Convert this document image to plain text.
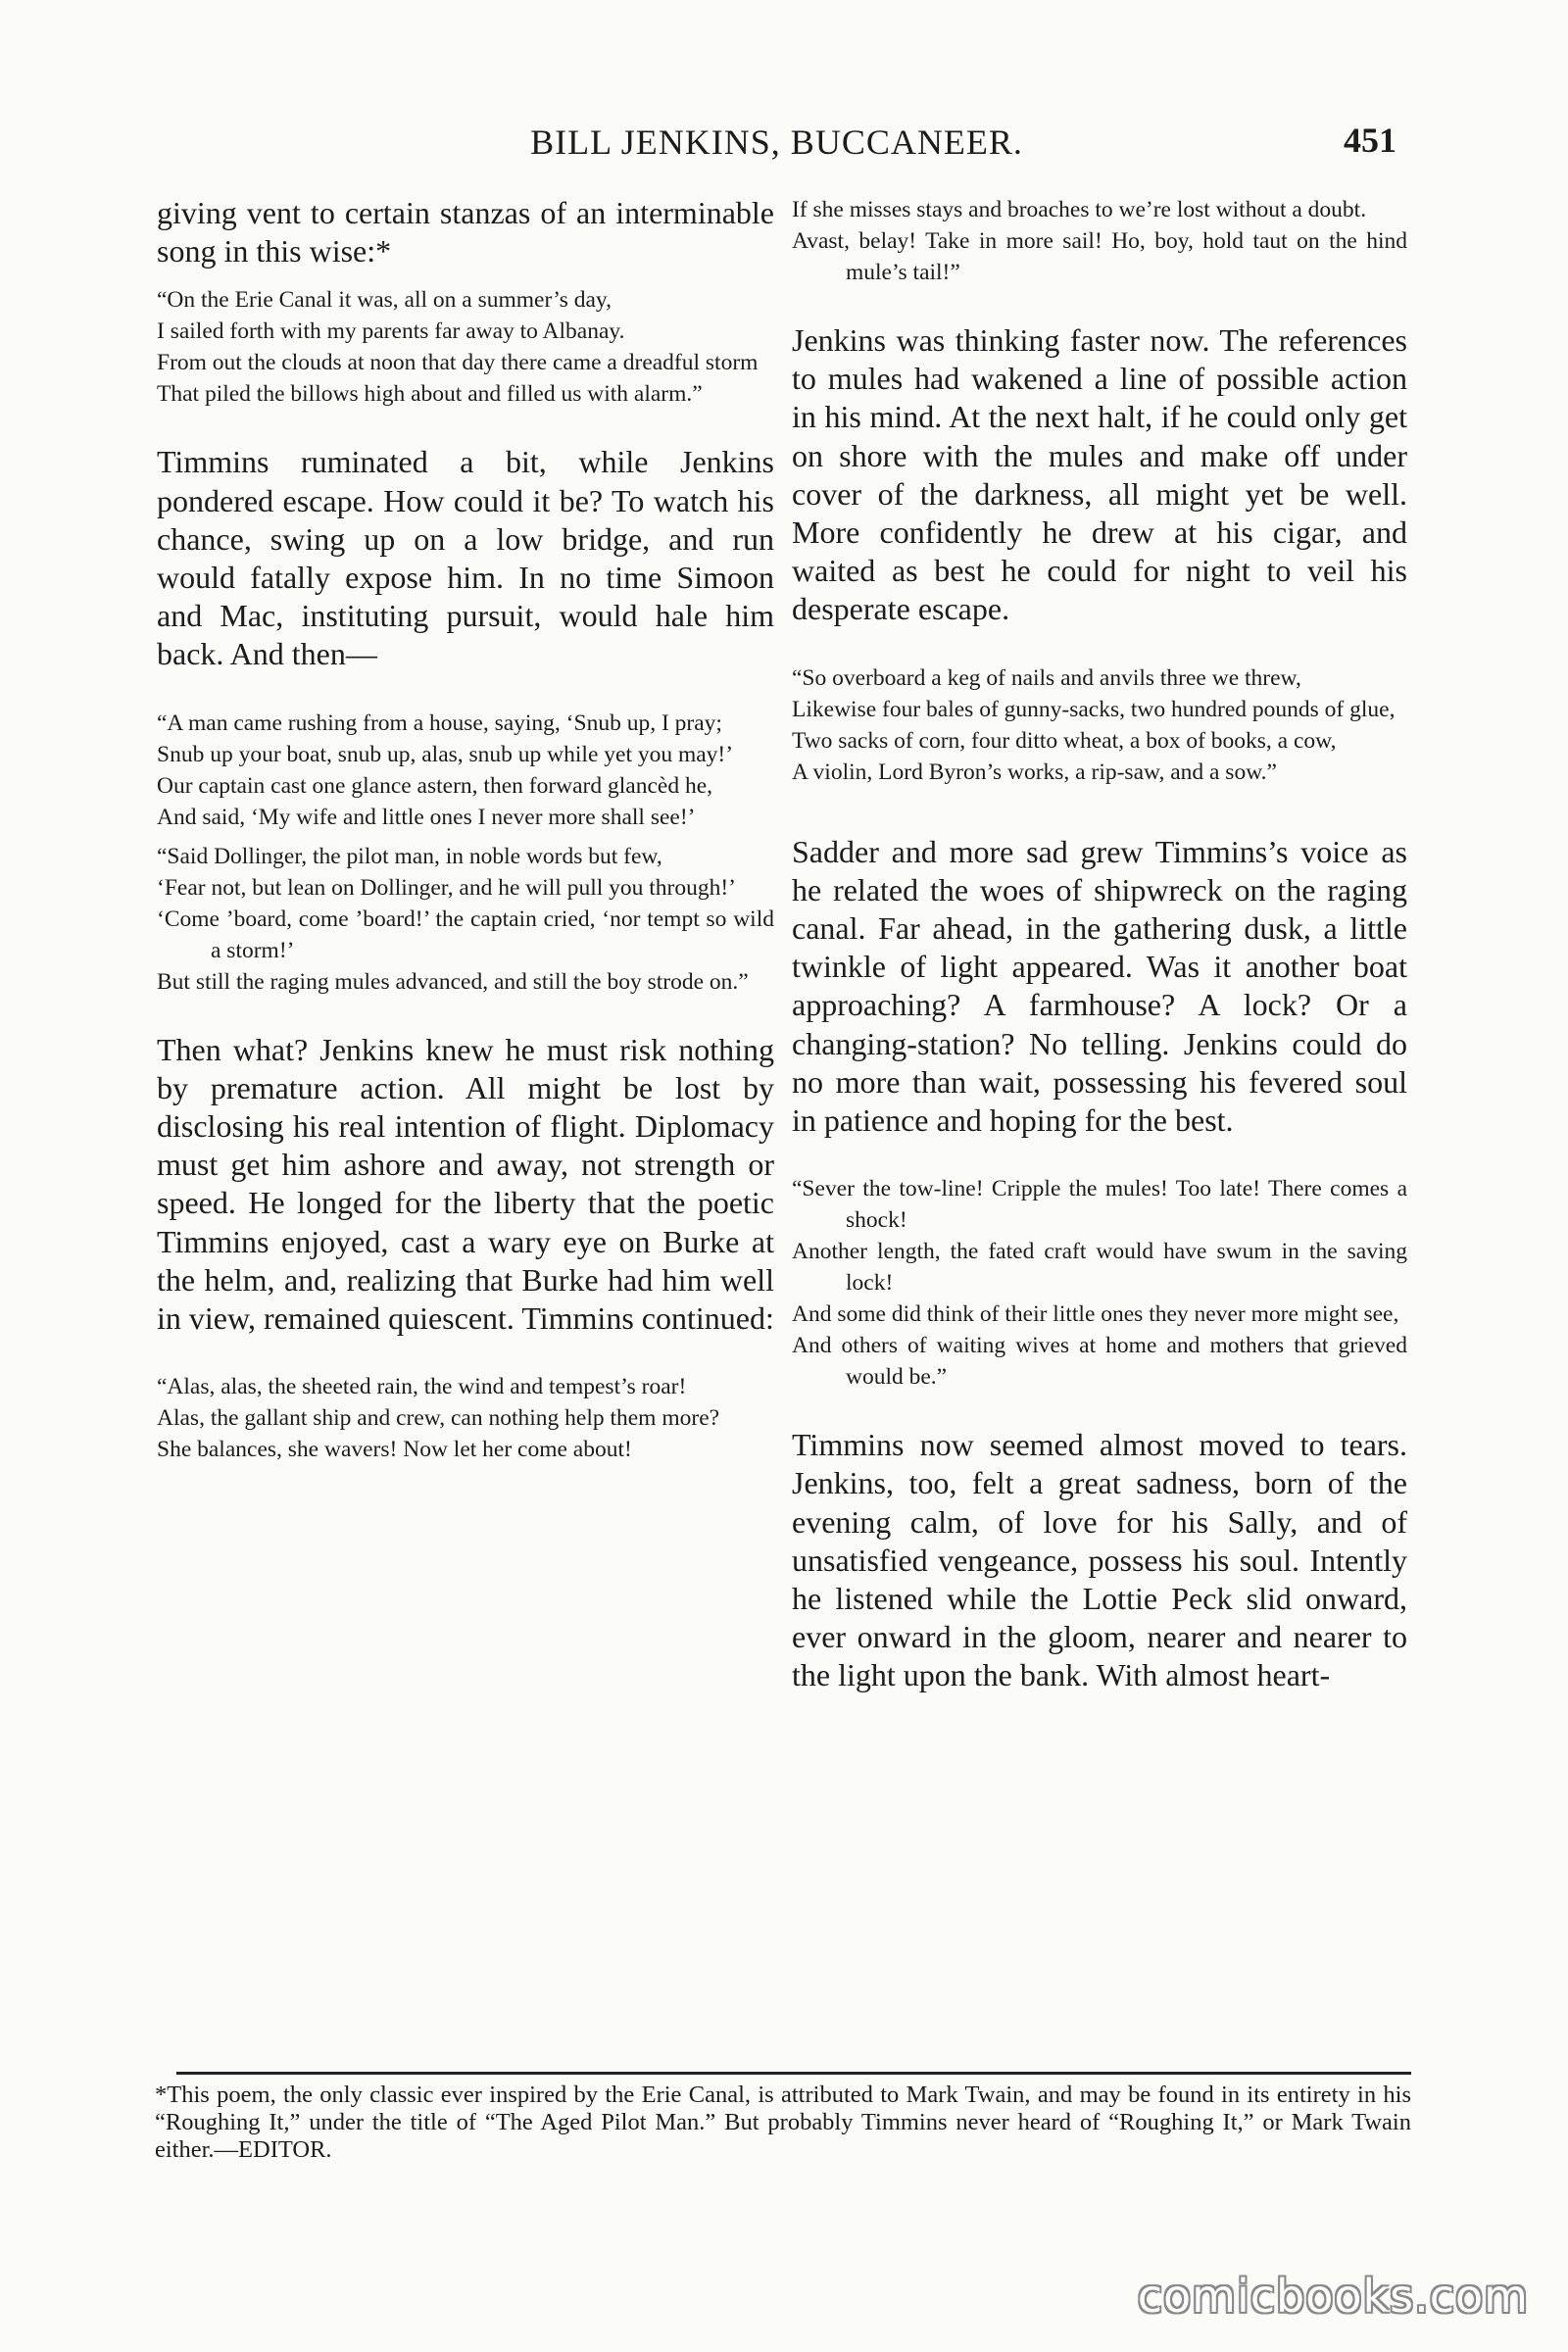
BILL JENKINS, BUCCANEER.	451

giving vent to certain stanzas of an interminable song in this wise:*

“On the Erie Canal it was, all on a summer’s day,

I sailed forth with my parents far away to Albanay.

From out the clouds at noon that day there came a dreadful storm

That piled the billows high about and filled us with alarm.”

Timmins ruminated a bit, while Jenkins pondered escape. How could it be? To watch his chance, swing up on a low bridge, and run would fatally expose him. In no time Simoon and Mac, instituting pursuit, would hale him back. And then—

“A man came rushing from a house, saying, ‘Snub up, I pray;

Snub up your boat, snub up, alas, snub up while yet you may!’

Our captain cast one glance astern, then forward glancèd he,

And said, ‘My wife and little ones I never more shall see!’

“Said Dollinger, the pilot man, in noble words but few,

‘Fear not, but lean on Dollinger, and he will pull you through!’

‘Come ’board, come ’board!’ the captain cried, ‘nor tempt so wild a storm!’

But still the raging mules advanced, and still the boy strode on.”

Then what? Jenkins knew he must risk nothing by premature action. All might be lost by disclosing his real intention of flight. Diplomacy must get him ashore and away, not strength or speed. He longed for the liberty that the poetic Timmins enjoyed, cast a wary eye on Burke at the helm, and, realizing that Burke had him well in view, remained quiescent. Timmins continued:

“Alas, alas, the sheeted rain, the wind and tempest’s roar!

Alas, the gallant ship and crew, can nothing help them more?

She balances, she wavers! Now let her come about!

If she misses stays and broaches to we’re lost without a doubt.

Avast, belay! Take in more sail! Ho, boy, hold taut on the hind mule’s tail!”

Jenkins was thinking faster now. The references to mules had wakened a line of possible action in his mind. At the next halt, if he could only get on shore with the mules and make off under cover of the darkness, all might yet be well. More confidently he drew at his cigar, and waited as best he could for night to veil his desperate escape.

“So overboard a keg of nails and anvils three we threw,

Likewise four bales of gunny-sacks, two hundred pounds of glue,

Two sacks of corn, four ditto wheat, a box of books, a cow,

A violin, Lord Byron’s works, a rip-saw, and a sow.”

Sadder and more sad grew Timmins’s voice as he related the woes of shipwreck on the raging canal. Far ahead, in the gathering dusk, a little twinkle of light appeared. Was it another boat approaching? A farmhouse? A lock? Or a changing-station? No telling. Jenkins could do no more than wait, possessing his fevered soul in patience and hoping for the best.

“Sever the tow-line! Cripple the mules! Too late! There comes a shock!

Another length, the fated craft would have swum in the saving lock!

And some did think of their little ones they never more might see,

And others of waiting wives at home and mothers that grieved would be.”

Timmins now seemed almost moved to tears. Jenkins, too, felt a great sadness, born of the evening calm, of love for his Sally, and of unsatisfied vengeance, possess his soul. Intently he listened while the Lottie Peck slid onward, ever onward in the gloom, nearer and nearer to the light upon the bank. With almost heart-

*This poem, the only classic ever inspired by the Erie Canal, is attributed to Mark Twain, and may be found in its entirety in his “Roughing It,” under the title of “The Aged Pilot Man.” But probably Timmins never heard of “Roughing It,” or Mark Twain either.—EDITOR.

comicbooks.com
